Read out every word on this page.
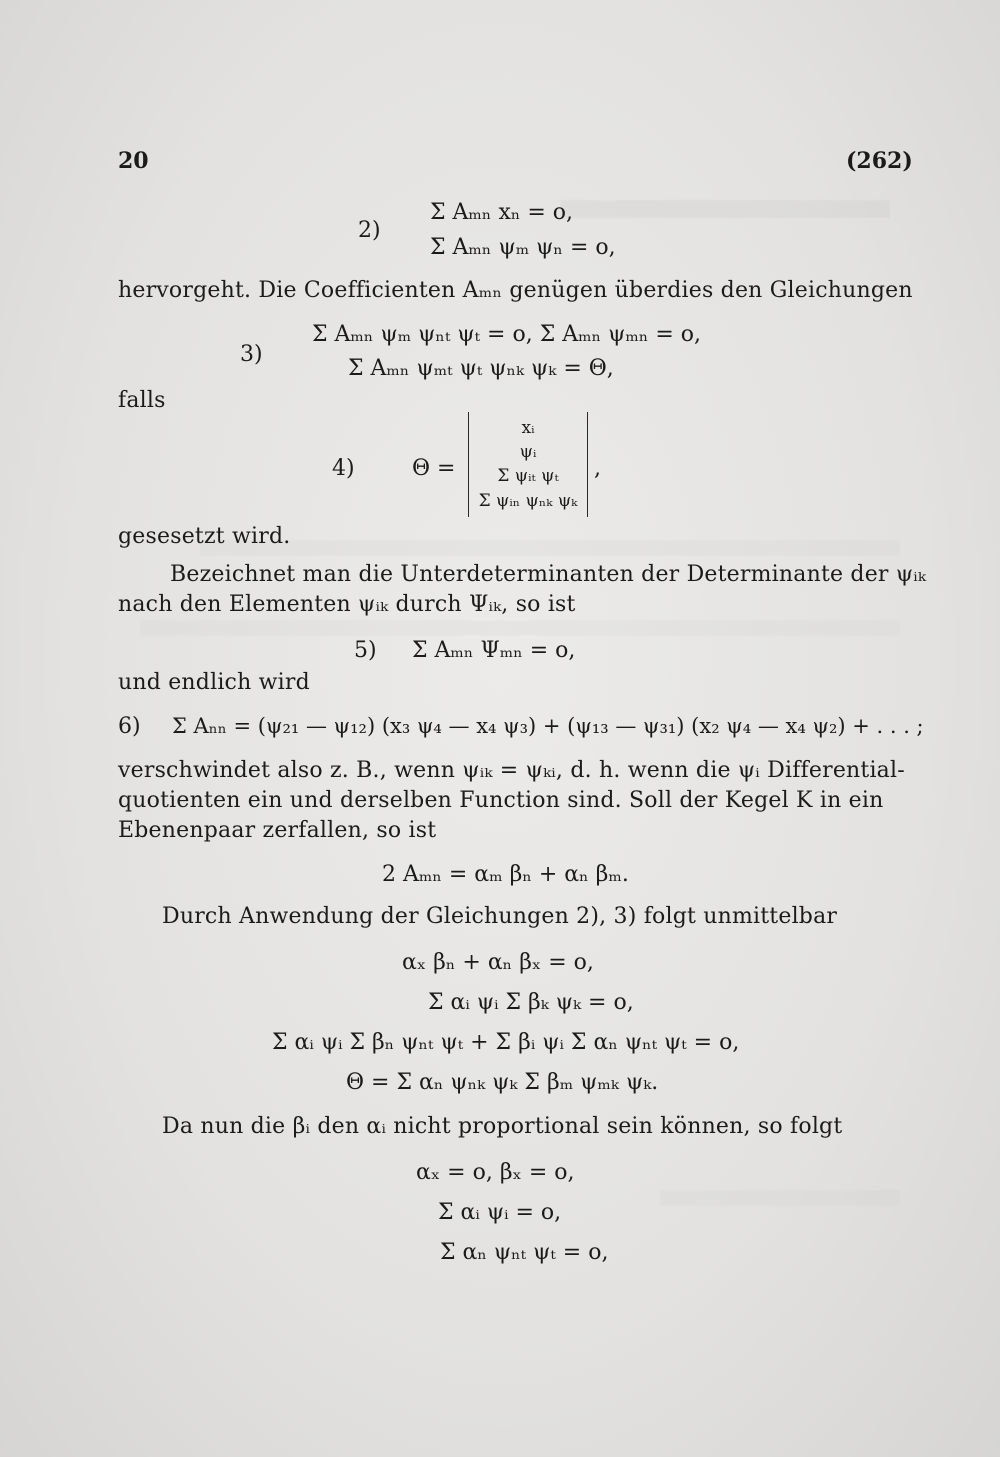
20	(262)
2)
Σ Aₘₙ xₙ = o,
Σ Aₘₙ ψₘ ψₙ = o,
hervorgeht. Die Coefficienten Aₘₙ genügen überdies den Gleichungen
3)
Σ Aₘₙ ψₘ ψₙₜ ψₜ = o, Σ Aₘₙ ψₘₙ = o,
Σ Aₘₙ ψₘₜ ψₜ ψₙₖ ψₖ = Θ,
falls
4)	Θ =
xᵢ
ψᵢ
Σ ψᵢₜ ψₜ
Σ ψᵢₙ ψₙₖ ψₖ
,
gesesetzt wird.
Bezeichnet man die Unterdeterminanten der Determinante der ψᵢₖ
nach den Elementen ψᵢₖ durch Ψᵢₖ, so ist
5) Σ Aₘₙ Ψₘₙ = o,
und endlich wird
6) Σ Aₙₙ = (ψ₂₁ — ψ₁₂) (x₃ ψ₄ — x₄ ψ₃) + (ψ₁₃ — ψ₃₁) (x₂ ψ₄ — x₄ ψ₂) + . . . ;
verschwindet also z. B., wenn ψᵢₖ = ψₖᵢ, d. h. wenn die ψᵢ Differential-
quotienten ein und derselben Function sind. Soll der Kegel K in ein
Ebenenpaar zerfallen, so ist
2 Aₘₙ = αₘ βₙ + αₙ βₘ.
Durch Anwendung der Gleichungen 2), 3) folgt unmittelbar
αₓ βₙ + αₙ βₓ = o,
Σ αᵢ ψᵢ Σ βₖ ψₖ = o,
Σ αᵢ ψᵢ Σ βₙ ψₙₜ ψₜ + Σ βᵢ ψᵢ Σ αₙ ψₙₜ ψₜ = o,
Θ = Σ αₙ ψₙₖ ψₖ Σ βₘ ψₘₖ ψₖ.
Da nun die βᵢ den αᵢ nicht proportional sein können, so folgt
αₓ = o, βₓ = o,
Σ αᵢ ψᵢ = o,
Σ αₙ ψₙₜ ψₜ = o,
